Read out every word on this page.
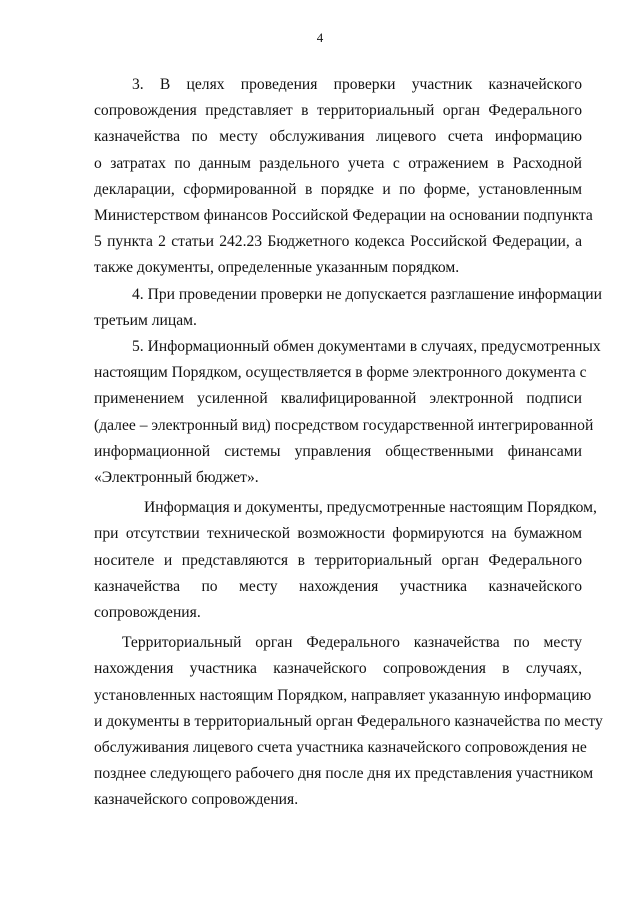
4

3. В целях проведения проверки участник казначейского
сопровождения представляет в территориальный орган Федерального
казначейства по месту обслуживания лицевого счета информацию
о затратах по данным раздельного учета с отражением в Расходной
декларации, сформированной в порядке и по форме, установленным
Министерством финансов Российской Федерации на основании подпункта
5 пункта 2 статьи 242.23 Бюджетного кодекса Российской Федерации, а
также документы, определенные указанным порядком.

4. При проведении проверки не допускается разглашение информации
третьим лицам.

5. Информационный обмен документами в случаях, предусмотренных
настоящим Порядком, осуществляется в форме электронного документа с
применением усиленной квалифицированной электронной подписи
(далее – электронный вид) посредством государственной интегрированной
информационной системы управления общественными финансами
«Электронный бюджет».

Информация и документы, предусмотренные настоящим Порядком,
при отсутствии технической возможности формируются на бумажном
носителе и представляются в территориальный орган Федерального
казначейства по месту нахождения участника казначейского
сопровождения.

Территориальный орган Федерального казначейства по месту
нахождения участника казначейского сопровождения в случаях,
установленных настоящим Порядком, направляет указанную информацию
и документы в территориальный орган Федерального казначейства по месту
обслуживания лицевого счета участника казначейского сопровождения не
позднее следующего рабочего дня после дня их представления участником
казначейского сопровождения.
